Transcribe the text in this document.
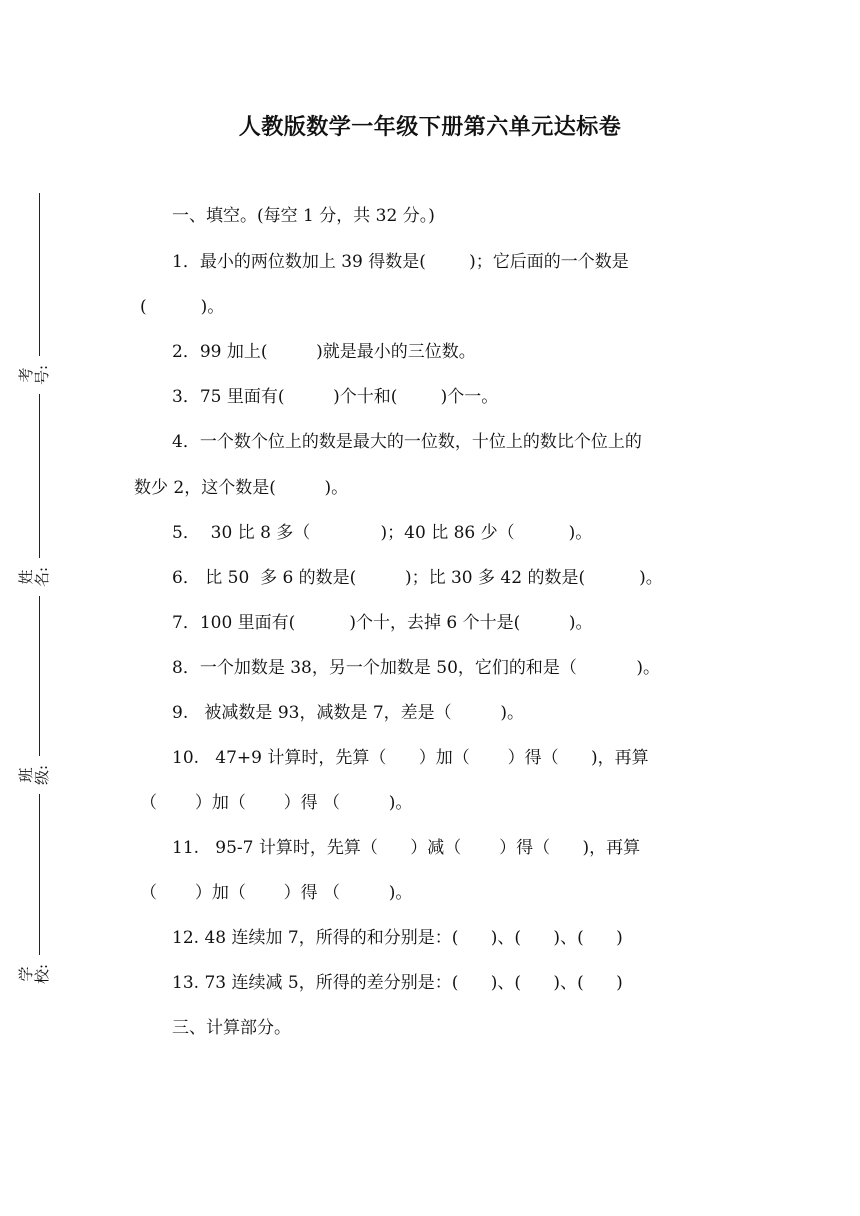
人教版数学一年级下册第六单元达标卷
考号:
姓名:
班级:
学校:
一、填空。(每空 1 分，共 32 分。)
1．最小的两位数加上 39 得数是(        )；它后面的一个数是
(          )。
2．99 加上(         )就是最小的三位数。
3．75 里面有(         )个十和(        )个一。
4．一个数个位上的数是最大的一位数，十位上的数比个位上的
数少 2，这个数是(         )。
5．  30 比 8 多（             )；40 比 86 少（          )。
6． 比 50  多 6 的数是(         )；比 30 多 42 的数是(          )。
7．100 里面有(          )个十，去掉 6 个十是(         )。
8．一个加数是 38，另一个加数是 50，它们的和是（           )。
9.   被减数是 93，减数是 7，差是（         )。
10.   47+9 计算时，先算（      ）加（       ）得（      )，再算
（       ）加（       ）得 （         )。
11.   95-7 计算时，先算（      ）减（       ）得（      )，再算
（       ）加（       ）得 （         )。
12. 48 连续加 7，所得的和分别是：(      )、(      )、(      )
13. 73 连续减 5，所得的差分别是：(      )、(      )、(      )
三、计算部分。
